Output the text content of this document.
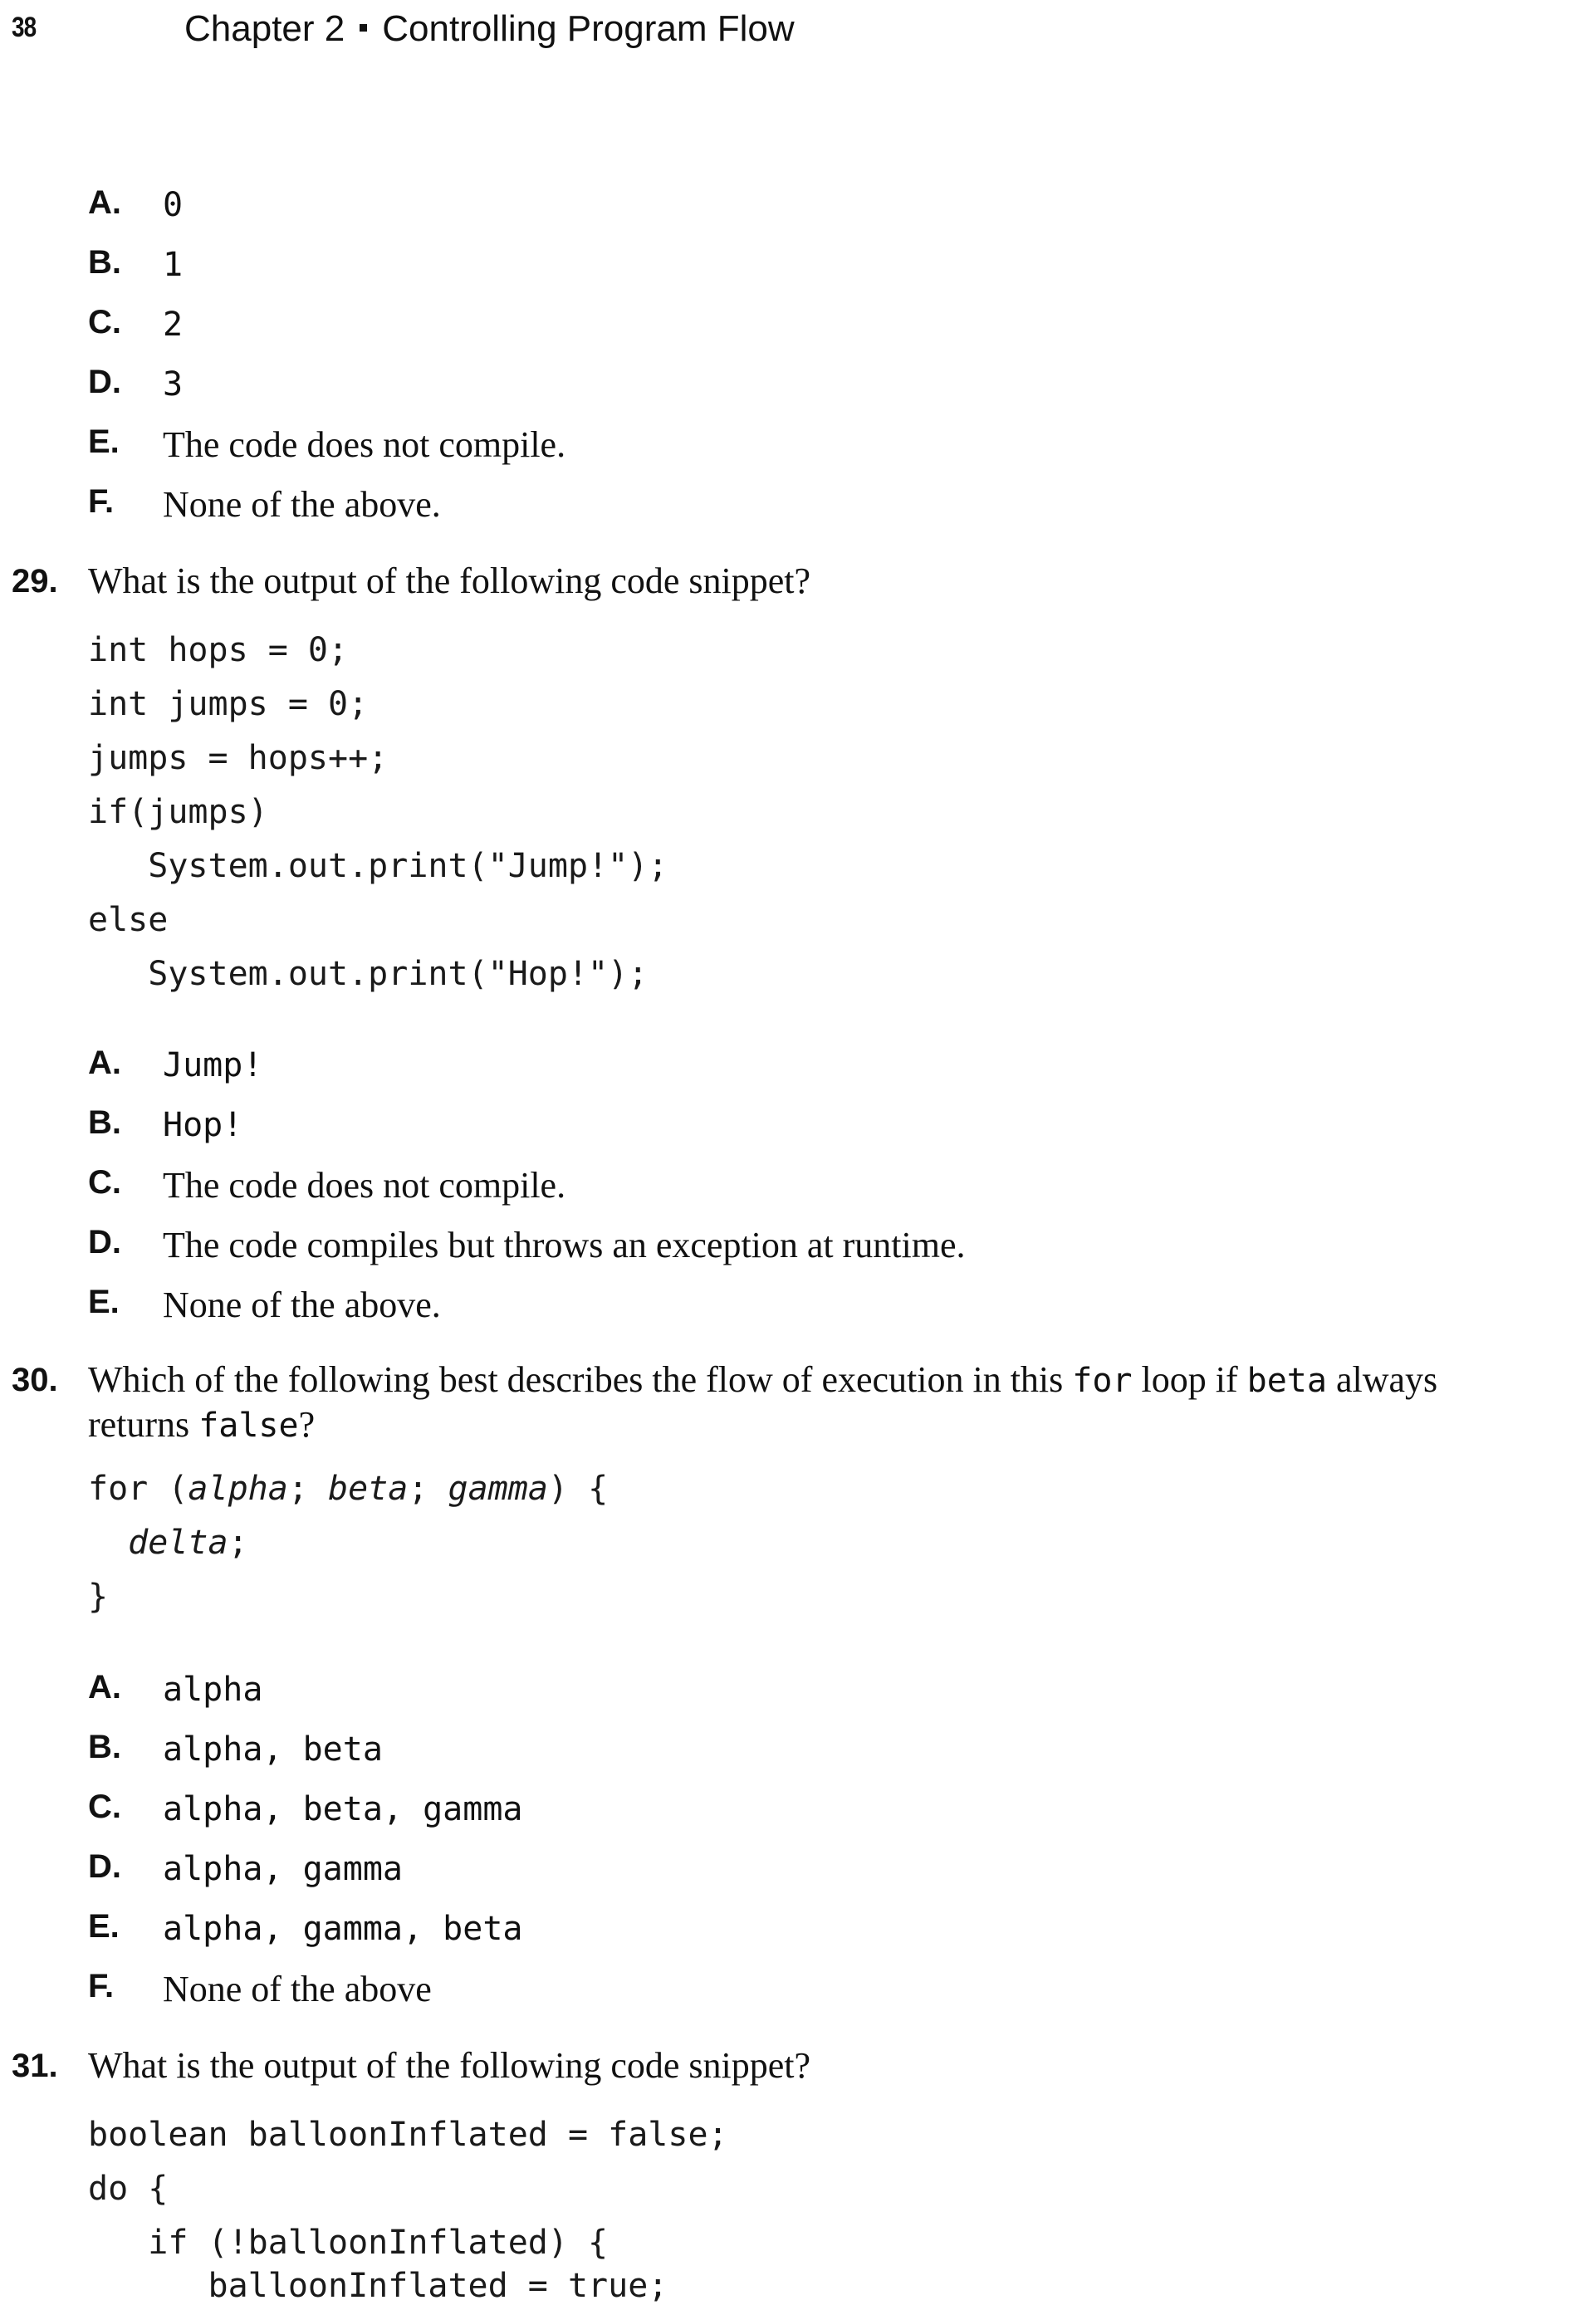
38	Chapter 2 Controlling Program Flow
A. 0
B. 1
C. 2
D. 3
E. The code does not compile.
F. None of the above.
29. What is the output of the following code snippet?
int hops = 0;
int jumps = 0;
jumps = hops++;
if(jumps)
System.out.print("Jump!");
else
System.out.print("Hop!");
A. Jump!
B. Hop!
C. The code does not compile.
D. The code compiles but throws an exception at runtime.
E. None of the above.
30. Which of the following best describes the flow of execution in this for loop if beta always
returns false?
for (alpha; beta; gamma) {
delta;
}
A. alpha
B. alpha, beta
C. alpha, beta, gamma
D. alpha, gamma
E. alpha, gamma, beta
F. None of the above
31. What is the output of the following code snippet?
boolean balloonInflated = false;
do {
if (!balloonInflated) {
balloonInflated = true;
